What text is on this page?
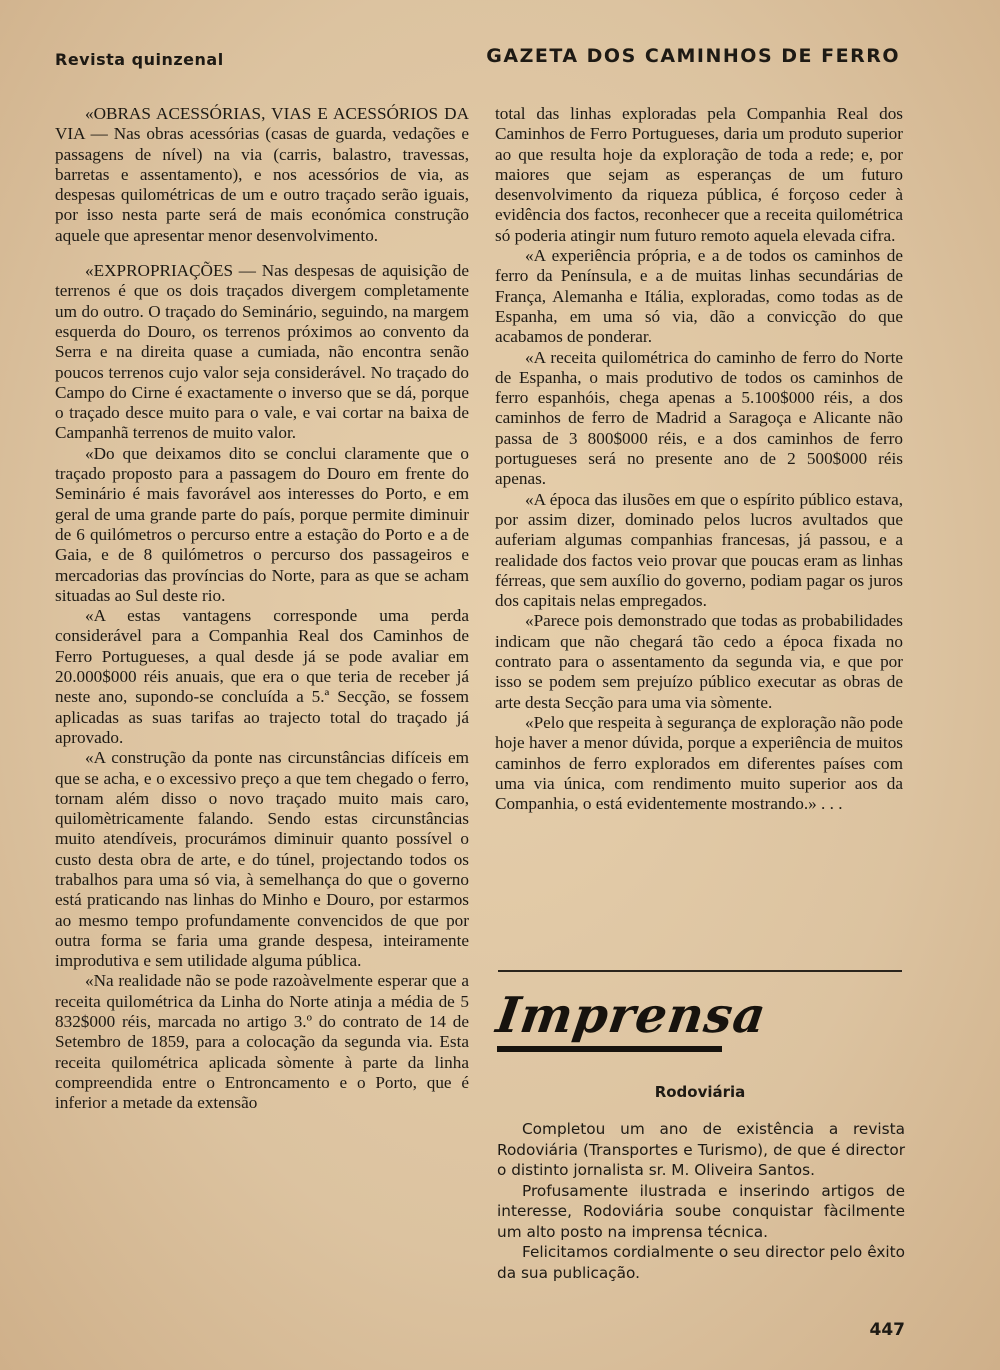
Revista quinzenal	GAZETA DOS CAMINHOS DE FERRO

«OBRAS ACESSÓRIAS, VIAS E ACESSÓRIOS DA VIA — Nas obras acessórias (casas de guarda, vedações e passagens de nível) na via (carris, balastro, travessas, barretas e assentamento), e nos acessórios de via, as despesas quilométricas de um e outro traçado serão iguais, por isso nesta parte será de mais económica construção aquele que apresentar menor desenvolvimento.

«EXPROPRIAÇÕES — Nas despesas de aquisição de terrenos é que os dois traçados divergem completamente um do outro. O traçado do Seminário, seguindo, na margem esquerda do Douro, os terrenos próximos ao convento da Serra e na direita quase a cumiada, não encontra senão poucos terrenos cujo valor seja considerável. No traçado do Campo do Cirne é exactamente o inverso que se dá, porque o traçado desce muito para o vale, e vai cortar na baixa de Campanhã terrenos de muito valor.

«Do que deixamos dito se conclui claramente que o traçado proposto para a passagem do Douro em frente do Seminário é mais favorável aos interesses do Porto, e em geral de uma grande parte do país, porque permite diminuir de 6 quilómetros o percurso entre a estação do Porto e a de Gaia, e de 8 quilómetros o percurso dos passageiros e mercadorias das províncias do Norte, para as que se acham situadas ao Sul deste rio.

«A estas vantagens corresponde uma perda considerável para a Companhia Real dos Caminhos de Ferro Portugueses, a qual desde já se pode avaliar em 20.000$000 réis anuais, que era o que teria de receber já neste ano, supondo-se concluída a 5.ª Secção, se fossem aplicadas as suas tarifas ao trajecto total do traçado já aprovado.

«A construção da ponte nas circunstâncias difíceis em que se acha, e o excessivo preço a que tem chegado o ferro, tornam além disso o novo traçado muito mais caro, quilomètricamente falando. Sendo estas circunstâncias muito atendíveis, procurámos diminuir quanto possível o custo desta obra de arte, e do túnel, projectando todos os trabalhos para uma só via, à semelhança do que o governo está praticando nas linhas do Minho e Douro, por estarmos ao mesmo tempo profundamente convencidos de que por outra forma se faria uma grande despesa, inteiramente improdutiva e sem utilidade alguma pública.

«Na realidade não se pode razoàvelmente esperar que a receita quilométrica da Linha do Norte atinja a média de 5 832$000 réis, marcada no artigo 3.º do contrato de 14 de Setembro de 1859, para a colocação da segunda via. Esta receita quilométrica aplicada sòmente à parte da linha compreendida entre o Entroncamento e o Porto, que é inferior a metade da extensão

total das linhas exploradas pela Companhia Real dos Caminhos de Ferro Portugueses, daria um produto superior ao que resulta hoje da exploração de toda a rede; e, por maiores que sejam as esperanças de um futuro desenvolvimento da riqueza pública, é forçoso ceder à evidência dos factos, reconhecer que a receita quilométrica só poderia atingir num futuro remoto aquela elevada cifra.

«A experiência própria, e a de todos os caminhos de ferro da Península, e a de muitas linhas secundárias de França, Alemanha e Itália, exploradas, como todas as de Espanha, em uma só via, dão a convicção do que acabamos de ponderar.

«A receita quilométrica do caminho de ferro do Norte de Espanha, o mais produtivo de todos os caminhos de ferro espanhóis, chega apenas a 5.100$000 réis, a dos caminhos de ferro de Madrid a Saragoça e Alicante não passa de 3 800$000 réis, e a dos caminhos de ferro portugueses será no presente ano de 2 500$000 réis apenas.

«A época das ilusões em que o espírito público estava, por assim dizer, dominado pelos lucros avultados que auferiam algumas companhias francesas, já passou, e a realidade dos factos veio provar que poucas eram as linhas férreas, que sem auxílio do governo, podiam pagar os juros dos capitais nelas empregados.

«Parece pois demonstrado que todas as probabilidades indicam que não chegará tão cedo a época fixada no contrato para o assentamento da segunda via, e que por isso se podem sem prejuízo público executar as obras de arte desta Secção para uma via sòmente.

«Pelo que respeita à segurança de exploração não pode hoje haver a menor dúvida, porque a experiência de muitos caminhos de ferro explorados em diferentes países com uma via única, com rendimento muito superior aos da Companhia, o está evidentemente mostrando.» . . .

Imprensa
Rodoviária

Completou um ano de existência a revista Rodoviária (Transportes e Turismo), de que é director o distinto jornalista sr. M. Oliveira Santos.

Profusamente ilustrada e inserindo artigos de interesse, Rodoviária soube conquistar fàcilmente um alto posto na imprensa técnica.

Felicitamos cordialmente o seu director pelo êxito da sua publicação.

447
